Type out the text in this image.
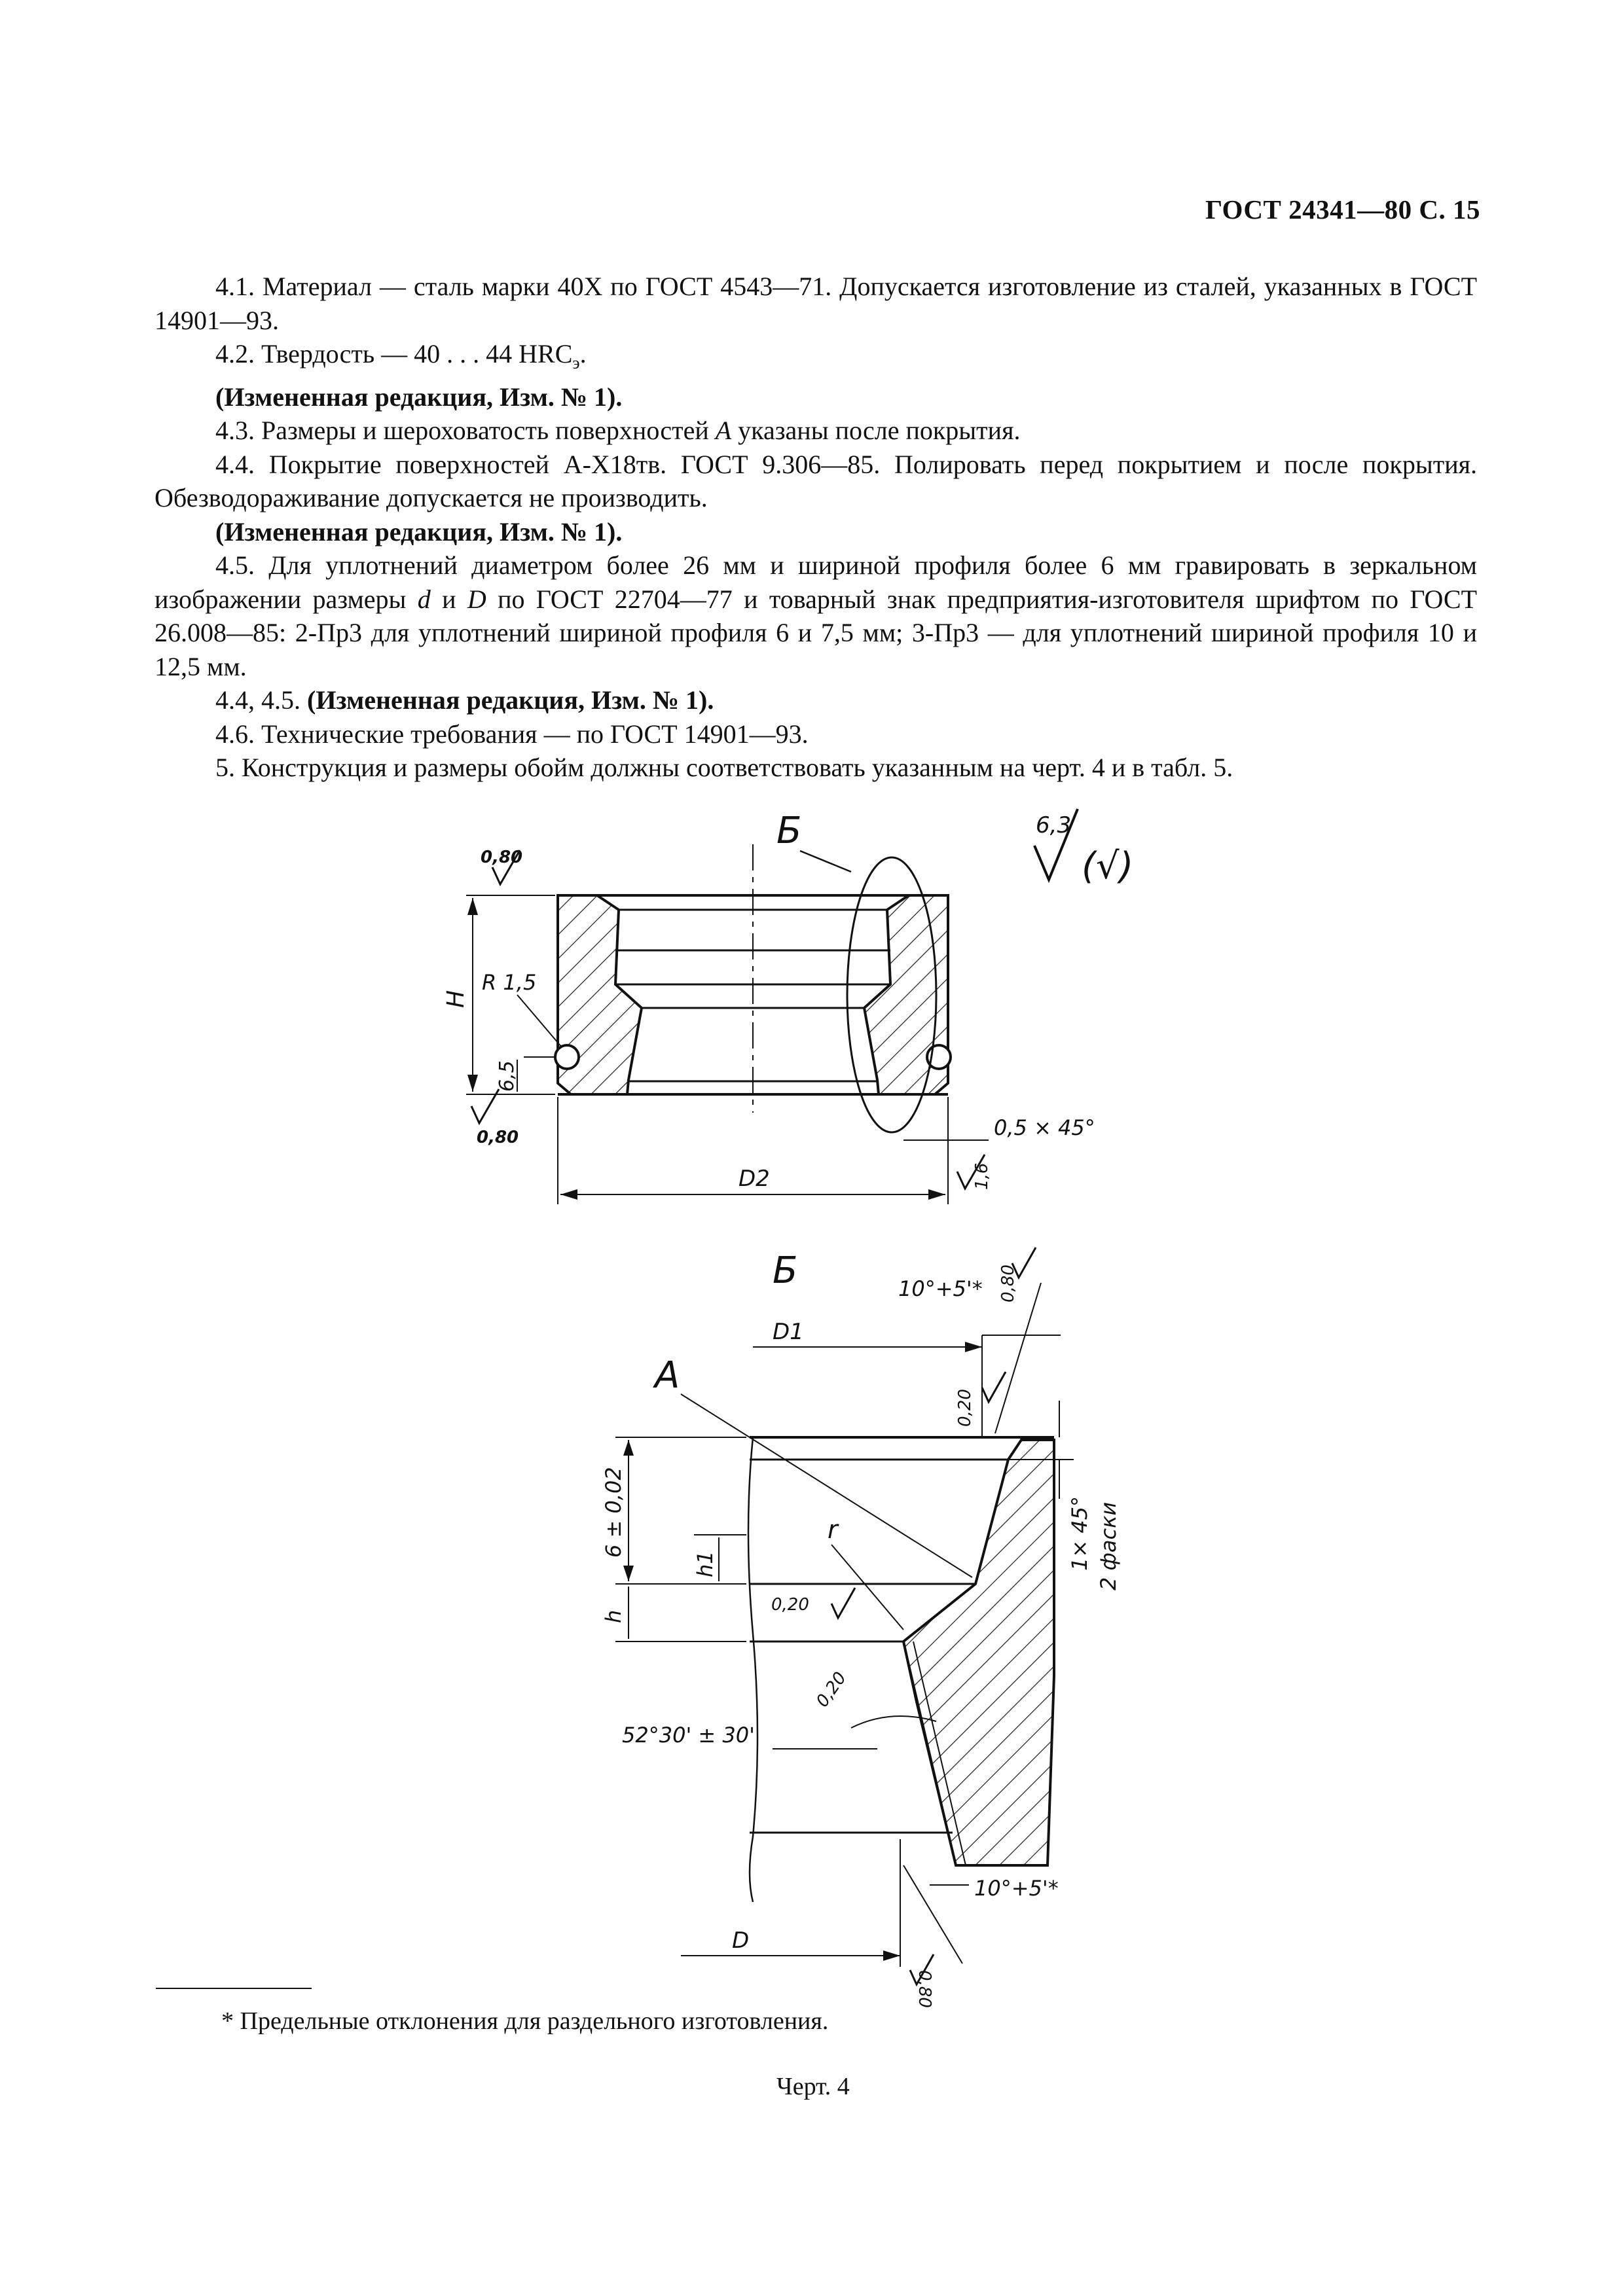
ГОСТ 24341—80 С. 15

4.1. Материал — сталь марки 40Х по ГОСТ 4543—71. Допускается изготовление из сталей, указанных в ГОСТ 14901—93.

4.2. Твердость — 40 . . . 44 $HRC_э$.

(Измененная редакция, Изм. № 1).

4.3. Размеры и шероховатость поверхностей А указаны после покрытия.

4.4. Покрытие поверхностей А-Х18тв. ГОСТ 9.306—85. Полировать перед покрытием и после покрытия. Обезводораживание допускается не производить.

(Измененная редакция, Изм. № 1).

4.5. Для уплотнений диаметром более 26 мм и шириной профиля более 6 мм гравировать в зеркальном изображении размеры d и D по ГОСТ 22704—77 и товарный знак предприятия-изготовителя шрифтом по ГОСТ 26.008—85: 2-Пр3 для уплотнений шириной профиля 6 и 7,5 мм; 3-Пр3 — для уплотнений шириной профиля 10 и 12,5 мм.

4.4, 4.5. (Измененная редакция, Изм. № 1).

4.6. Технические требования — по ГОСТ 14901—93.

5. Конструкция и размеры обойм должны соответствовать указанным на черт. 4 и в табл. 5.

Б	6,3
(√)
0,80
0,80
R 1,5
H
6,5
0,5 × 45°
D2	1,6
Б	10°+5'* 0,80
D1
A
0,20
6 ± 0,02
h1
h
r
0,20
0,20
1× 45° 2 фаски
52°30' ± 30'
10°+5'*
D
0,80
* Предельные отклонения для раздельного изготовления.
Черт. 4
